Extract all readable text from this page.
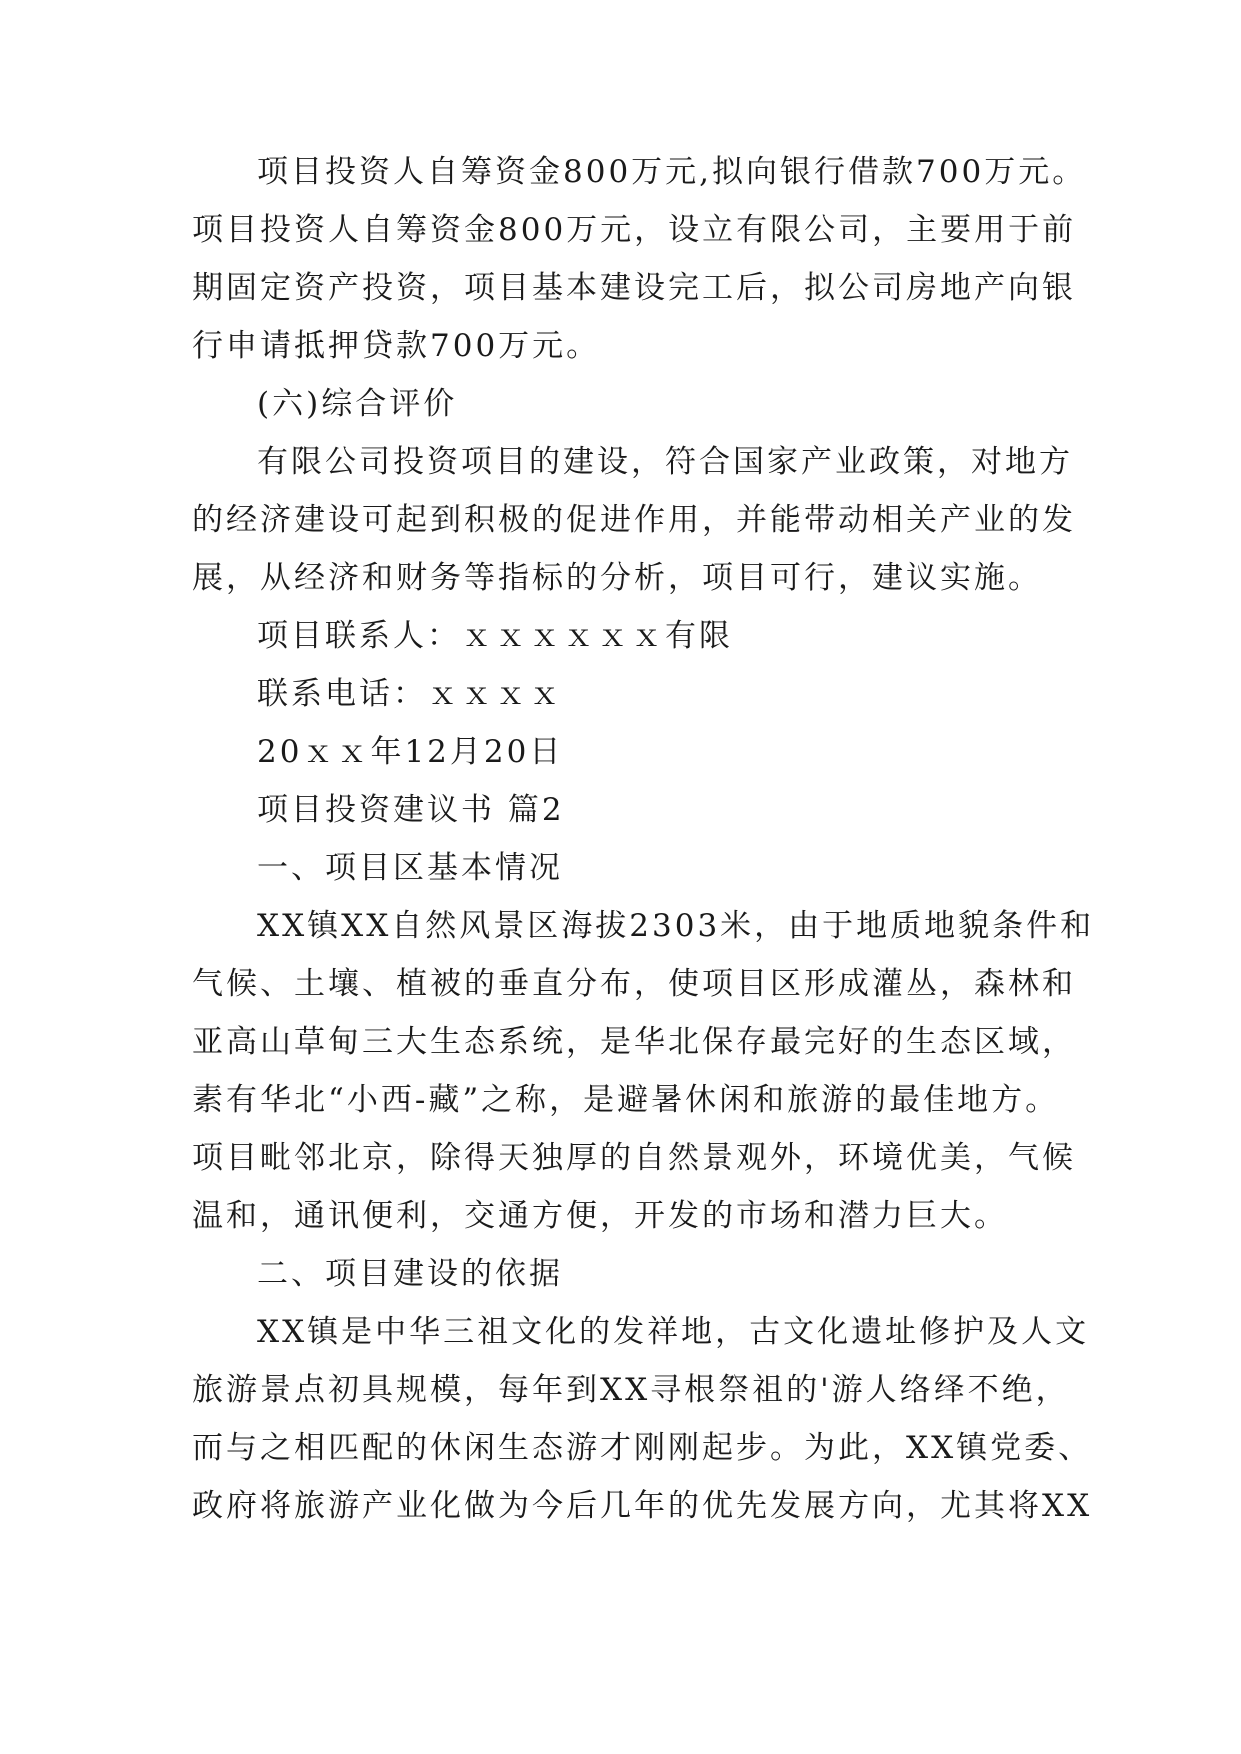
项目投资人自筹资金800万元,拟向银行借款700万元。
项目投资人自筹资金800万元，设立有限公司，主要用于前
期固定资产投资，项目基本建设完工后，拟公司房地产向银
行申请抵押贷款700万元。
(六)综合评价
有限公司投资项目的建设，符合国家产业政策，对地方
的经济建设可起到积极的促进作用，并能带动相关产业的发
展，从经济和财务等指标的分析，项目可行，建议实施。
项目联系人：ｘｘｘｘｘｘ有限
联系电话：ｘｘｘｘ
20ｘｘ年12月20日
项目投资建议书 篇2
一、项目区基本情况
XX镇XX自然风景区海拔2303米，由于地质地貌条件和
气候、土壤、植被的垂直分布，使项目区形成灌丛，森林和
亚高山草甸三大生态系统，是华北保存最完好的生态区域，
素有华北“小西-藏”之称，是避暑休闲和旅游的最佳地方。
项目毗邻北京，除得天独厚的自然景观外，环境优美，气候
温和，通讯便利，交通方便，开发的市场和潜力巨大。
二、项目建设的依据
XX镇是中华三祖文化的发祥地，古文化遗址修护及人文
旅游景点初具规模，每年到XX寻根祭祖的'游人络绎不绝，
而与之相匹配的休闲生态游才刚刚起步。为此，XX镇党委、
政府将旅游产业化做为今后几年的优先发展方向，尤其将XX
